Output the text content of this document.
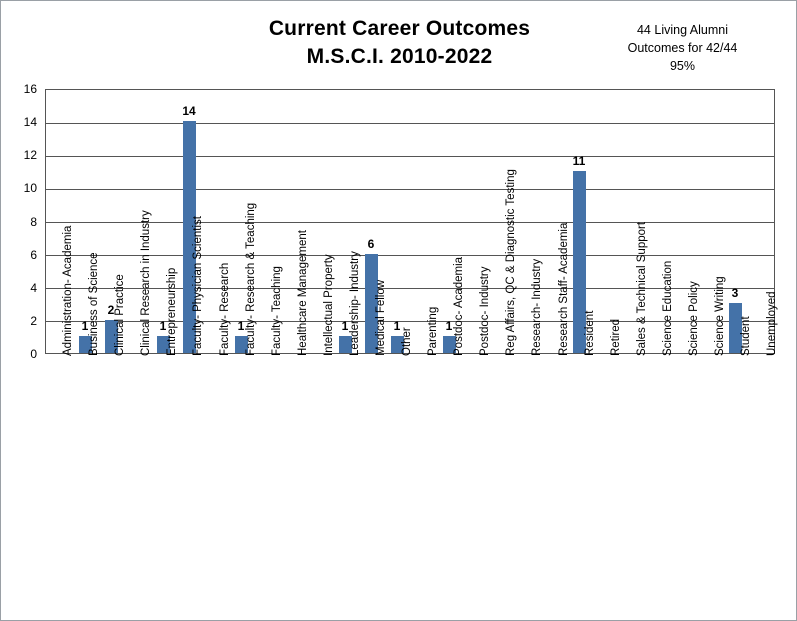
Current Career Outcomes
M.S.C.I. 2010-2022
44 Living Alumni
Outcomes for 42/44
95%
0
2
4
6
8
10
12
14
16
1
2
1
14
1	1
6
1	1
11
3
Administration- Academia Business of Science Clinical Practice Clinical Research in Industry Entrepreneurship Faculty- Physician Scientist Faculty- Research Faculty- Research & Teaching Faculty- Teaching Healthcare Management Intellectual Property Leadership- Industry Medical Fellow Other Parenting Postdoc- Academia Postdoc- Industry Reg Affairs, QC & Diagnostic Testing Research- Industry Research Staff- Academia Resident Retired Sales & Technical Support Science Education Science Policy Science Writing Student Unemployed
